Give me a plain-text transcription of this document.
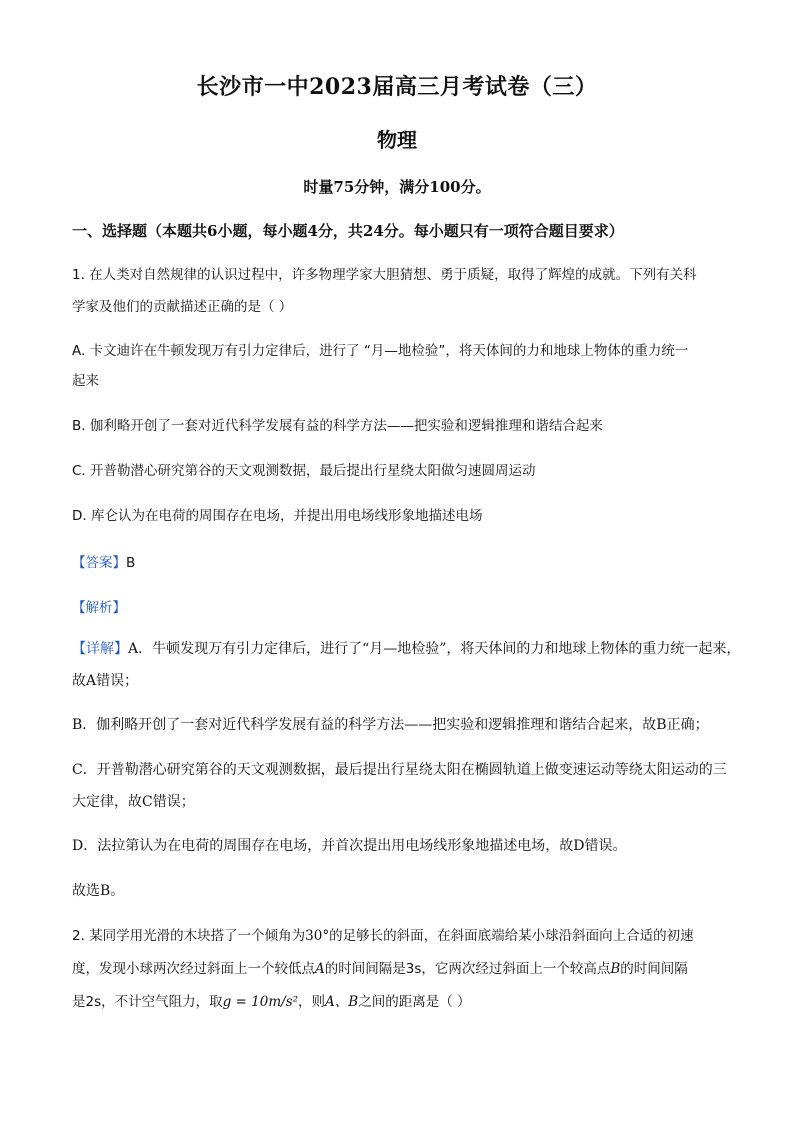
长沙市一中2023届高三月考试卷（三）
物理
时量75分钟，满分100分。
一、选择题（本题共6小题，每小题4分，共24分。每小题只有一项符合题目要求）
1. 在人类对自然规律的认识过程中，许多物理学家大胆猜想、勇于质疑，取得了辉煌的成就。下列有关科
学家及他们的贡献描述正确的是（ ）
A. 卡文迪许在牛顿发现万有引力定律后，进行了 “月—地检验”，将天体间的力和地球上物体的重力统一
起来
B. 伽利略开创了一套对近代科学发展有益的科学方法——把实验和逻辑推理和谐结合起来
C. 开普勒潜心研究第谷的天文观测数据，最后提出行星绕太阳做匀速圆周运动
D. 库仑认为在电荷的周围存在电场，并提出用电场线形象地描述电场
【答案】B
【解析】
【详解】A．牛顿发现万有引力定律后，进行了“月—地检验”，将天体间的力和地球上物体的重力统一起来，
故A错误；
B．伽利略开创了一套对近代科学发展有益的科学方法——把实验和逻辑推理和谐结合起来，故B正确；
C．开普勒潜心研究第谷的天文观测数据，最后提出行星绕太阳在椭圆轨道上做变速运动等绕太阳运动的三
大定律，故C错误；
D．法拉第认为在电荷的周围存在电场，并首次提出用电场线形象地描述电场，故D错误。
故选B。
2. 某同学用光滑的木块搭了一个倾角为30°的足够长的斜面，在斜面底端给某小球沿斜面向上合适的初速
度，发现小球两次经过斜面上一个较低点A的时间间隔是3s，它两次经过斜面上一个较高点B的时间间隔
是2s，不计空气阻力，取g = 10m/s²，则A、B之间的距离是（ ）
